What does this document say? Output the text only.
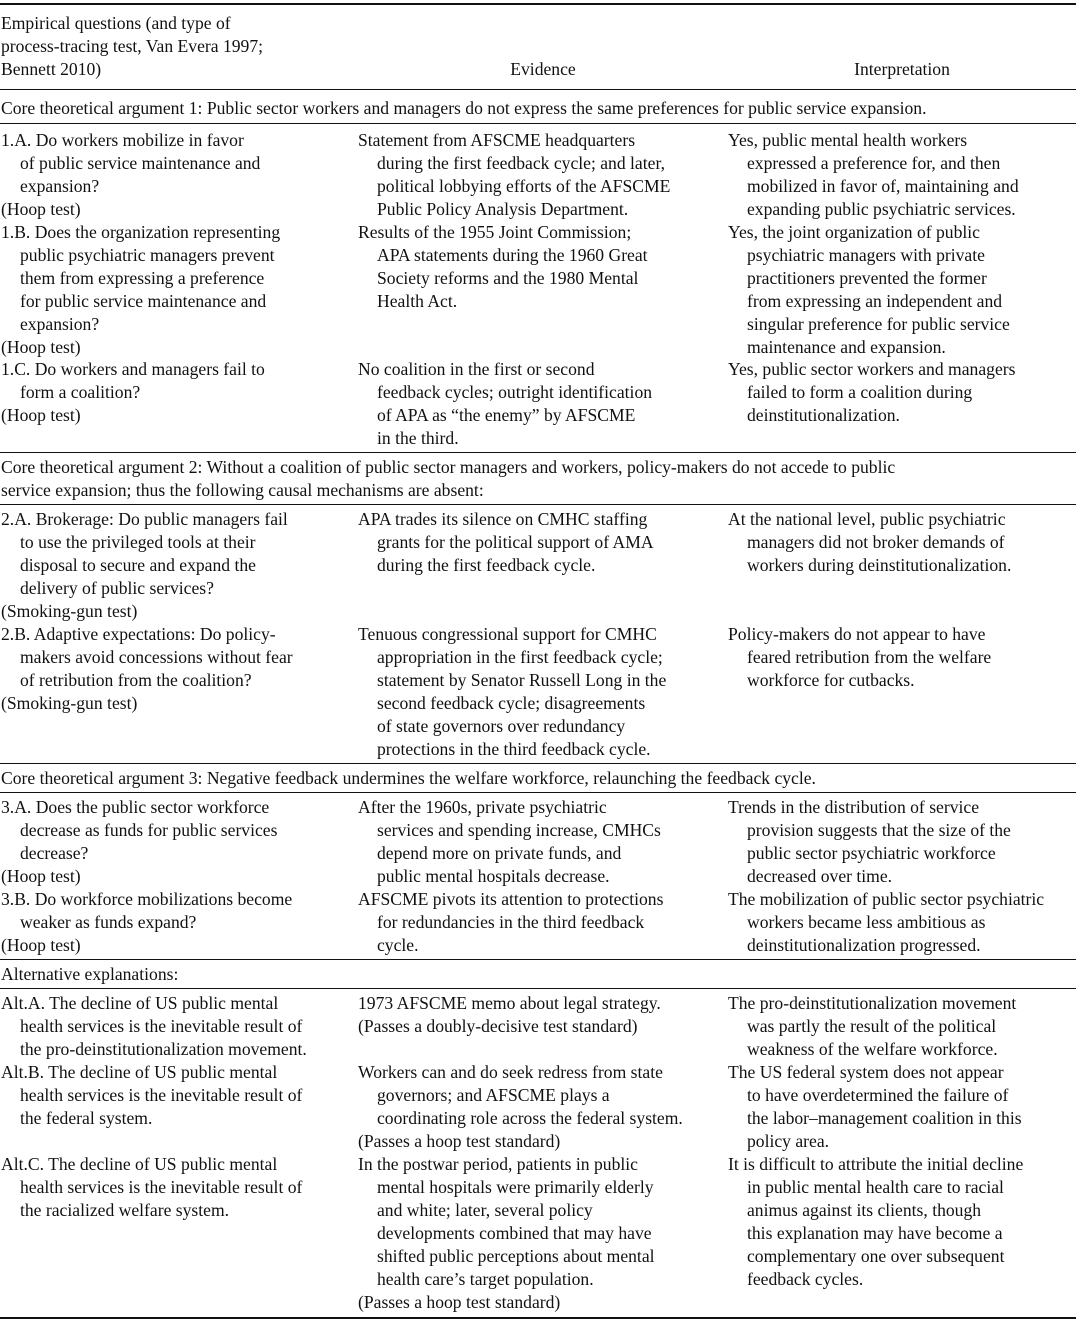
Empirical questions (and type of
process-tracing test, Van Evera 1997;
Bennett 2010)	Evidence	Interpretation
Core theoretical argument 1: Public sector workers and managers do not express the same preferences for public service expansion.
1.A. Do workers mobilize in favor
of public service maintenance and
expansion?
(Hoop test)
Statement from AFSCME headquarters
during the first feedback cycle; and later,
political lobbying efforts of the AFSCME
Public Policy Analysis Department.
Yes, public mental health workers
expressed a preference for, and then
mobilized in favor of, maintaining and
expanding public psychiatric services.
1.B. Does the organization representing
public psychiatric managers prevent
them from expressing a preference
for public service maintenance and
expansion?
(Hoop test)
Results of the 1955 Joint Commission;
APA statements during the 1960 Great
Society reforms and the 1980 Mental
Health Act.
Yes, the joint organization of public
psychiatric managers with private
practitioners prevented the former
from expressing an independent and
singular preference for public service
maintenance and expansion.
1.C. Do workers and managers fail to
form a coalition?
(Hoop test)
No coalition in the first or second
feedback cycles; outright identification
of APA as “the enemy” by AFSCME
in the third.
Yes, public sector workers and managers
failed to form a coalition during
deinstitutionalization.
Core theoretical argument 2: Without a coalition of public sector managers and workers, policy-makers do not accede to public
service expansion; thus the following causal mechanisms are absent:
2.A. Brokerage: Do public managers fail
to use the privileged tools at their
disposal to secure and expand the
delivery of public services?
(Smoking-gun test)
APA trades its silence on CMHC staffing
grants for the political support of AMA
during the first feedback cycle.
At the national level, public psychiatric
managers did not broker demands of
workers during deinstitutionalization.
2.B. Adaptive expectations: Do policy-
makers avoid concessions without fear
of retribution from the coalition?
(Smoking-gun test)
Tenuous congressional support for CMHC
appropriation in the first feedback cycle;
statement by Senator Russell Long in the
second feedback cycle; disagreements
of state governors over redundancy
protections in the third feedback cycle.
Policy-makers do not appear to have
feared retribution from the welfare
workforce for cutbacks.
Core theoretical argument 3: Negative feedback undermines the welfare workforce, relaunching the feedback cycle.
3.A. Does the public sector workforce
decrease as funds for public services
decrease?
(Hoop test)
After the 1960s, private psychiatric
services and spending increase, CMHCs
depend more on private funds, and
public mental hospitals decrease.
Trends in the distribution of service
provision suggests that the size of the
public sector psychiatric workforce
decreased over time.
3.B. Do workforce mobilizations become
weaker as funds expand?
(Hoop test)
AFSCME pivots its attention to protections
for redundancies in the third feedback
cycle.
The mobilization of public sector psychiatric
workers became less ambitious as
deinstitutionalization progressed.
Alternative explanations:
Alt.A. The decline of US public mental
health services is the inevitable result of
the pro-deinstitutionalization movement.
1973 AFSCME memo about legal strategy.
(Passes a doubly-decisive test standard)
The pro-deinstitutionalization movement
was partly the result of the political
weakness of the welfare workforce.
Alt.B. The decline of US public mental
health services is the inevitable result of
the federal system.
Workers can and do seek redress from state
governors; and AFSCME plays a
coordinating role across the federal system.
(Passes a hoop test standard)
The US federal system does not appear
to have overdetermined the failure of
the labor–management coalition in this
policy area.
Alt.C. The decline of US public mental
health services is the inevitable result of
the racialized welfare system.
In the postwar period, patients in public
mental hospitals were primarily elderly
and white; later, several policy
developments combined that may have
shifted public perceptions about mental
health care’s target population.
(Passes a hoop test standard)
It is difficult to attribute the initial decline
in public mental health care to racial
animus against its clients, though
this explanation may have become a
complementary one over subsequent
feedback cycles.
